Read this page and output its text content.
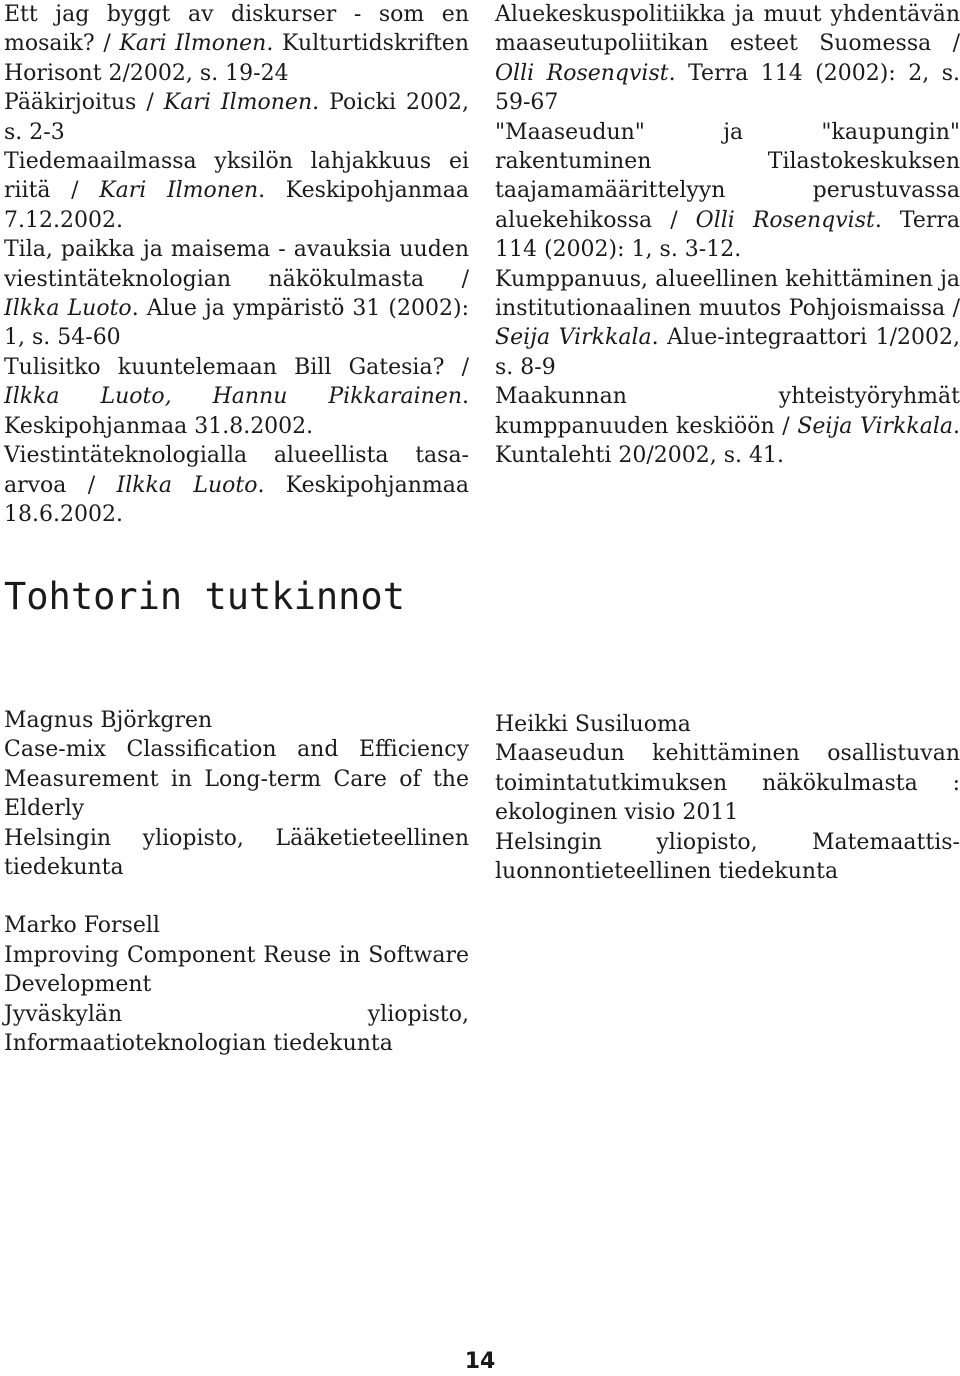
Ett jag byggt av diskurser - som en mosaik? / Kari Ilmonen. Kulturtidskriften Horisont 2/2002, s. 19-24

Pääkirjoitus / Kari Ilmonen. Poicki 2002, s. 2-3

Tiedemaailmassa yksilön lahjakkuus ei riitä / Kari Ilmonen. Keskipohjanmaa 7.12.2002.

Tila, paikka ja maisema - avauksia uuden viestintäteknologian näkökulmasta / Ilkka Luoto. Alue ja ympäristö 31 (2002): 1, s. 54-60

Tulisitko kuuntelemaan Bill Gatesia? / Ilkka Luoto, Hannu Pikkarainen. Keskipohjanmaa 31.8.2002.

Viestintäteknologialla alueellista tasa-arvoa / Ilkka Luoto. Keskipohjanmaa 18.6.2002.

Aluekeskuspolitiikka ja muut yhdentävän maaseutupoliitikan esteet Suomessa / Olli Rosenqvist. Terra 114 (2002): 2, s. 59-67

"Maaseudun" ja "kaupungin" rakentuminen Tilastokeskuksen taajamamäärittelyyn perustuvassa aluekehikossa / Olli Rosenqvist. Terra 114 (2002): 1, s. 3-12.

Kumppanuus, alueellinen kehittäminen ja institutionaalinen muutos Pohjoismaissa / Seija Virkkala. Alue-integraattori 1/2002, s. 8-9

Maakunnan yhteistyöryhmät kumppanuuden keskiöön / Seija Virkkala. Kuntalehti 20/2002, s. 41.

Tohtorin tutkinnot
Magnus Björkgren
Case-mix Classification and Efficiency Measurement in Long-term Care of the Elderly
Helsingin yliopisto, Lääketieteellinen tiedekunta
Marko Forsell
Improving Component Reuse in Software Development
Jyväskylän yliopisto, Informaatioteknologian tiedekunta
Heikki Susiluoma
Maaseudun kehittäminen osallistuvan toimintatutkimuksen näkökulmasta : ekologinen visio 2011
Helsingin yliopisto, Matemaattis-luonnontieteellinen tiedekunta
14
